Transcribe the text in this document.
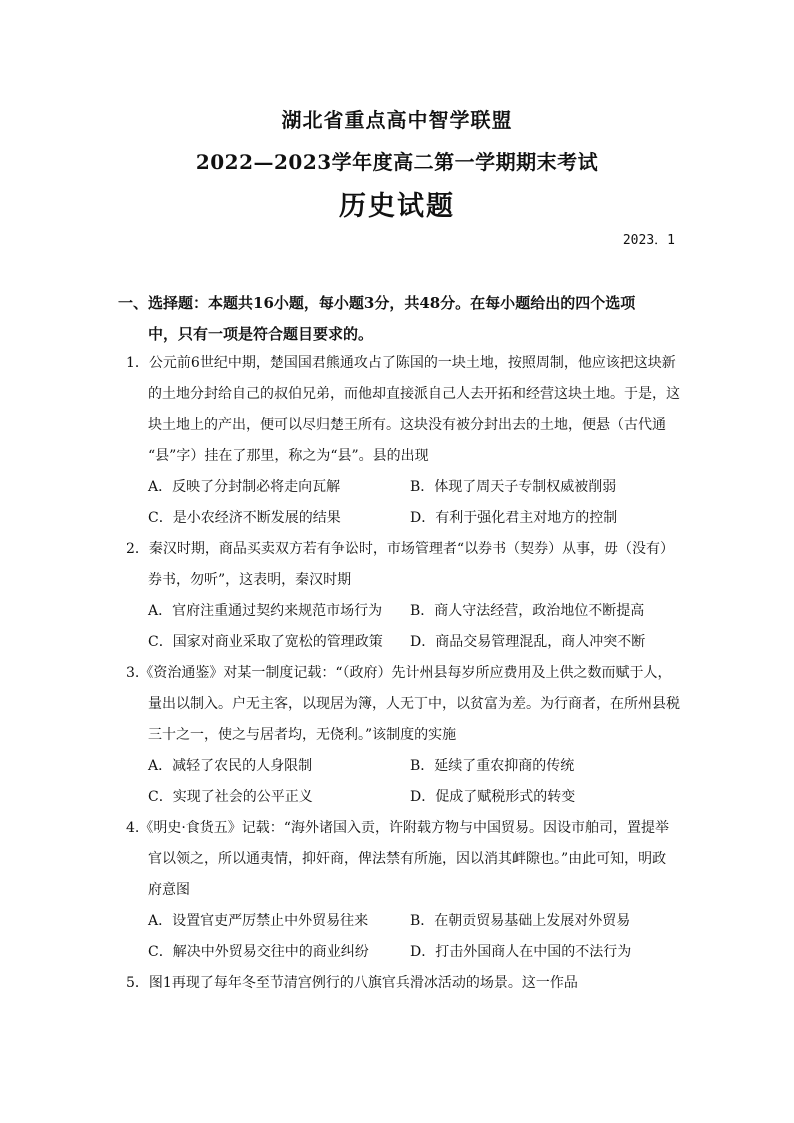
湖北省重点高中智学联盟
2022—2023学年度高二第一学期期末考试
历史试题
2023．1
一、选择题：本题共16小题，每小题3分，共48分。在每小题给出的四个选项
中，只有一项是符合题目要求的。
1．公元前6世纪中期，楚国国君熊通攻占了陈国的一块土地，按照周制，他应该把这块新
的土地分封给自己的叔伯兄弟，而他却直接派自己人去开拓和经营这块土地。于是，这
块土地上的产出，便可以尽归楚王所有。这块没有被分封出去的土地，便悬（古代通
“县”字）挂在了那里，称之为“县”。县的出现
A．反映了分封制必将走向瓦解	B．体现了周天子专制权威被削弱
C．是小农经济不断发展的结果	D．有利于强化君主对地方的控制
2．秦汉时期，商品买卖双方若有争讼时，市场管理者“以券书（契券）从事，毋（没有）
券书，勿听”，这表明，秦汉时期
A．官府注重通过契约来规范市场行为 B．商人守法经营，政治地位不断提高
C．国家对商业采取了宽松的管理政策 D．商品交易管理混乱，商人冲突不断
3.《资治通鉴》对某一制度记载：“（政府）先计州县每岁所应费用及上供之数而赋于人，
量出以制入。户无主客，以现居为簿，人无丁中，以贫富为差。为行商者，在所州县税
三十之一，使之与居者均，无侥利。”该制度的实施
A．减轻了农民的人身限制	B．延续了重农抑商的传统
C．实现了社会的公平正义	D．促成了赋税形式的转变
4.《明史·食货五》记载：“海外诸国入贡，许附载方物与中国贸易。因设市舶司，置提举
官以领之，所以通夷情，抑奸商，俾法禁有所施，因以消其衅隙也。”由此可知，明政
府意图
A．设置官吏严厉禁止中外贸易往来	B．在朝贡贸易基础上发展对外贸易
C．解决中外贸易交往中的商业纠纷	D．打击外国商人在中国的不法行为
5．图1再现了每年冬至节清宫例行的八旗官兵滑冰活动的场景。这一作品
